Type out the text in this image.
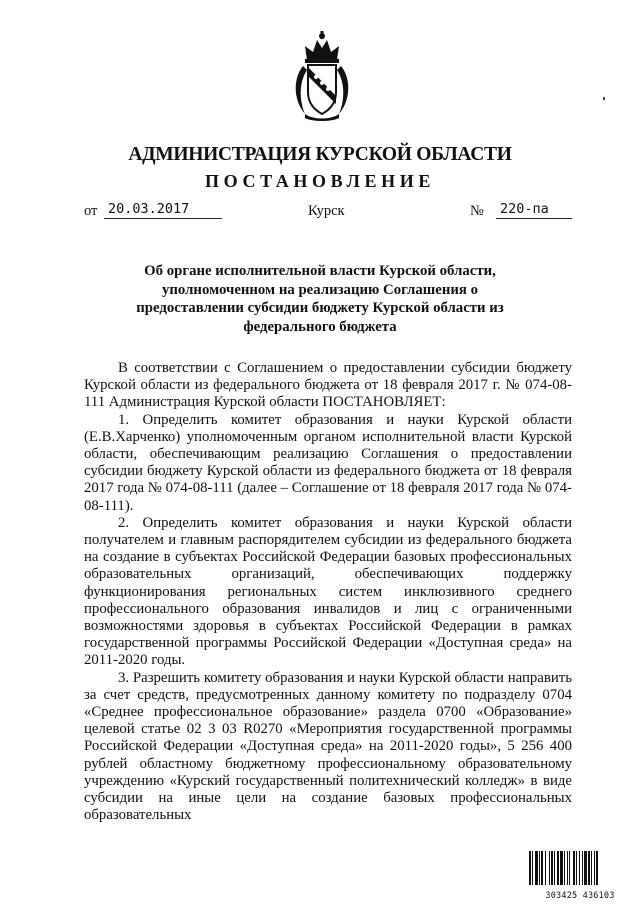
АДМИНИСТРАЦИЯ КУРСКОЙ ОБЛАСТИ
ПОСТАНОВЛЕНИЕ
от 20.03.2017	Курск	№ 220-па
Об органе исполнительной власти Курской области,
уполномоченном на реализацию Соглашения о
предоставлении субсидии бюджету Курской области из
федерального бюджета

В соответствии с Соглашением о предоставлении субсидии бюджету Курской области из федерального бюджета от 18 февраля 2017 г. № 074-08-111 Администрация Курской области ПОСТАНОВЛЯЕТ:

1. Определить комитет образования и науки Курской области (Е.В.Харченко) уполномоченным органом исполнительной власти Курской области, обеспечивающим реализацию Соглашения о предоставлении субсидии бюджету Курской области из федерального бюджета от 18 февраля 2017 года № 074-08-111 (далее – Соглашение от 18 февраля 2017 года № 074-08-111).

2. Определить комитет образования и науки Курской области получателем и главным распорядителем субсидии из федерального бюджета на создание в субъектах Российской Федерации базовых профессиональных образовательных организаций, обеспечивающих поддержку функционирования региональных систем инклюзивного среднего профессионального образования инвалидов и лиц с ограниченными возможностями здоровья в субъектах Российской Федерации в рамках государственной программы Российской Федерации «Доступная среда» на 2011-2020 годы.

3. Разрешить комитету образования и науки Курской области направить за счет средств, предусмотренных данному комитету по подразделу 0704 «Среднее профессиональное образование» раздела 0700 «Образование» целевой статье 02 3 03 R0270 «Мероприятия государственной программы Российской Федерации «Доступная среда» на 2011-2020 годы», 5 256 400 рублей областному бюджетному профессиональному образовательному учреждению «Курский государственный политехнический колледж» в виде субсидии на иные цели на создание базовых профессиональных образовательных

303425 436103
